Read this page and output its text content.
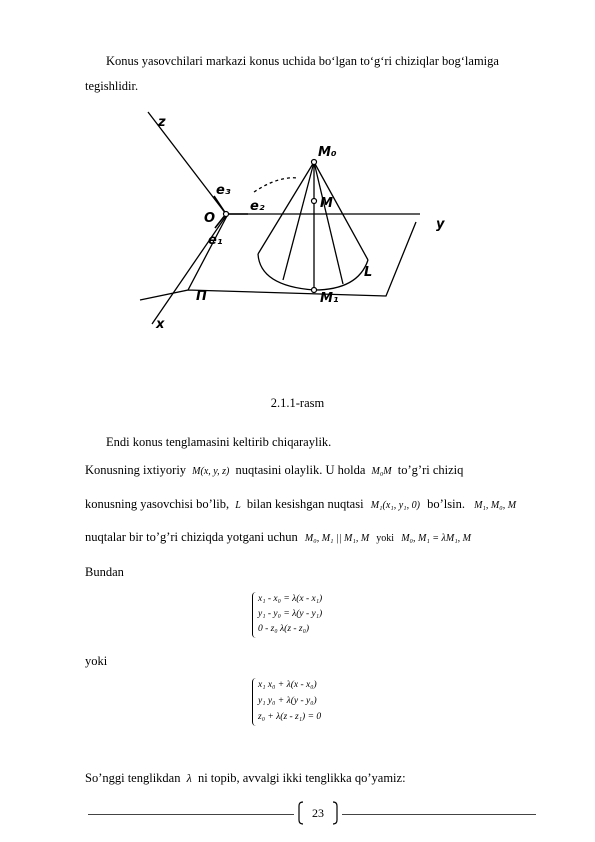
Konus yasovchilari markazi konus uchida bo‘lgan to‘g‘ri chiziqlar bog‘lamiga
tegishlidir.
z
M₀
e₃
e₂	M
O	y
e₁
L
Π	M₁
x
2.1.1-rasm
Endi konus tenglamasini keltirib chiqaraylik.
Konusning ixtiyoriy M(x, y, z) nuqtasini olaylik. U holda M₀M to’g’ri chiziq
konusning yasovchisi bo’lib, L bilan kesishgan nuqtasi M₁(x₁, y₁, 0) bo’lsin. M₁, M₀, M
nuqtalar bir to’g’ri chiziqda yotgani uchun M₀, M₁ || M₁, M yoki M₀, M₁ = λM₁, M
Bundan
x₁ - x₀ = λ(x - x₁)
y₁ - y₀ = λ(y - y₁)
0 - z₀ λ(z - z₀)
yoki
x₁ x₀ + λ(x - x₀)
y₁ y₀ + λ(y - y₀)
z₀ + λ(z - z₁) = 0
So’nggi tenglikdan λ ni topib, avvalgi ikki tenglikka qo’yamiz:
23
